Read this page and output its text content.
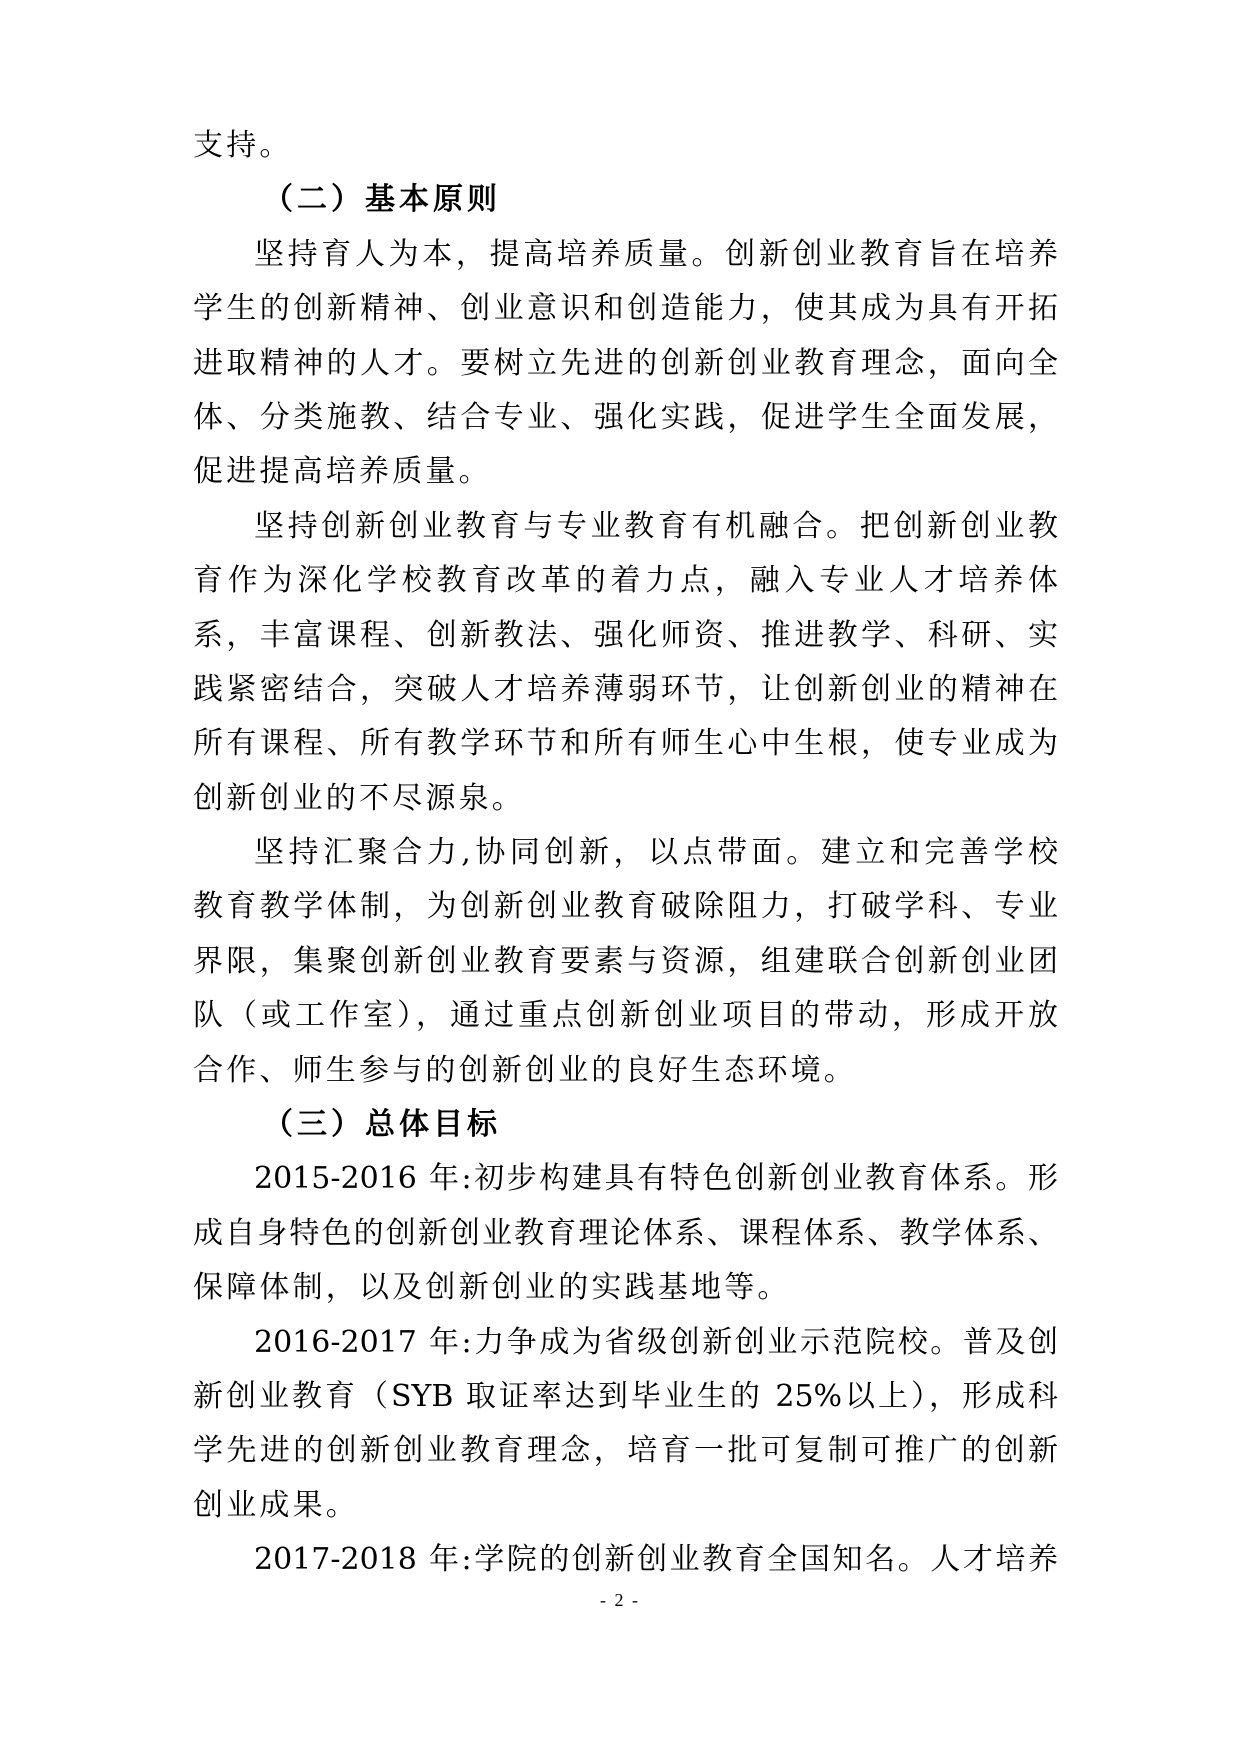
支持。
（二）基本原则
坚持育人为本，提高培养质量。创新创业教育旨在培养
学生的创新精神、创业意识和创造能力，使其成为具有开拓
进取精神的人才。要树立先进的创新创业教育理念，面向全
体、分类施教、结合专业、强化实践，促进学生全面发展，
促进提高培养质量。
坚持创新创业教育与专业教育有机融合。把创新创业教
育作为深化学校教育改革的着力点，融入专业人才培养体
系，丰富课程、创新教法、强化师资、推进教学、科研、实
践紧密结合，突破人才培养薄弱环节，让创新创业的精神在
所有课程、所有教学环节和所有师生心中生根，使专业成为
创新创业的不尽源泉。
坚持汇聚合力,协同创新，以点带面。建立和完善学校
教育教学体制，为创新创业教育破除阻力，打破学科、专业
界限，集聚创新创业教育要素与资源，组建联合创新创业团
队（或工作室），通过重点创新创业项目的带动，形成开放
合作、师生参与的创新创业的良好生态环境。
（三）总体目标
2015-2016 年:初步构建具有特色创新创业教育体系。形
成自身特色的创新创业教育理论体系、课程体系、教学体系、
保障体制，以及创新创业的实践基地等。
2016-2017 年:力争成为省级创新创业示范院校。普及创
新创业教育（SYB 取证率达到毕业生的 25%以上），形成科
学先进的创新创业教育理念，培育一批可复制可推广的创新
创业成果。
2017-2018 年:学院的创新创业教育全国知名。人才培养
- 2 -
